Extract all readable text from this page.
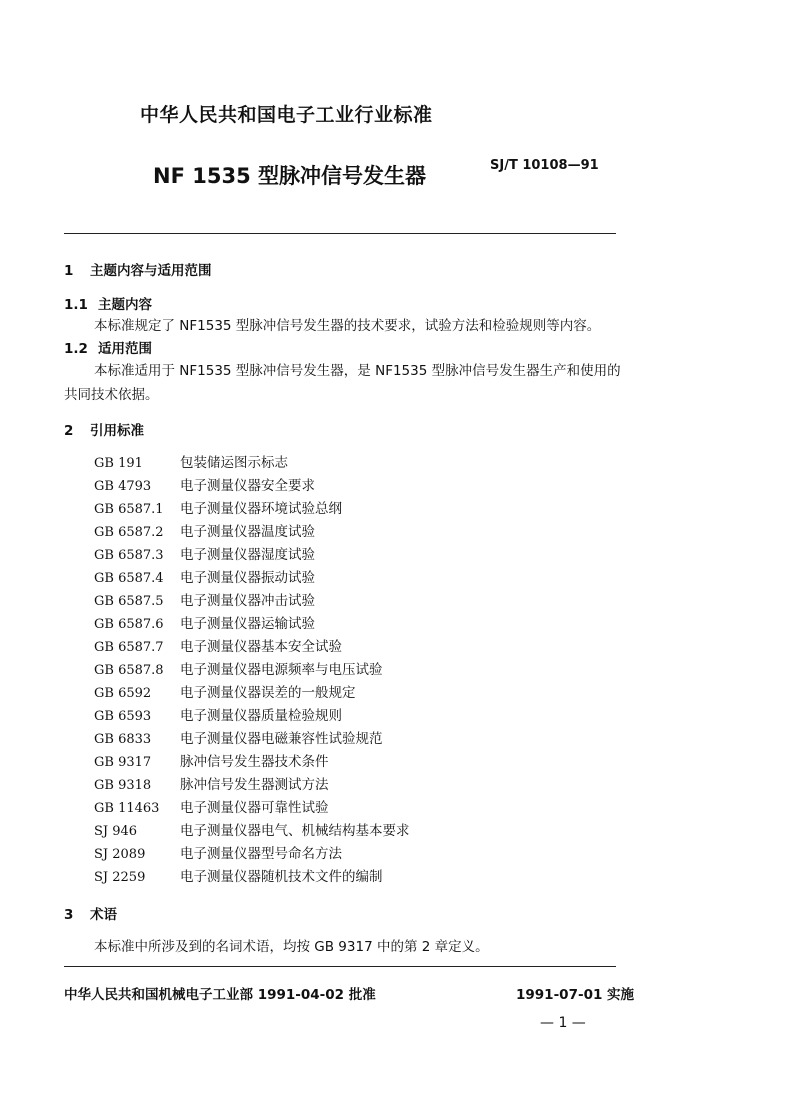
中华人民共和国电子工业行业标准
NF 1535 型脉冲信号发生器	SJ/T 10108—91
1 主题内容与适用范围
1.1 主题内容
本标准规定了 NF1535 型脉冲信号发生器的技术要求，试验方法和检验规则等内容。
1.2 适用范围
本标准适用于 NF1535 型脉冲信号发生器，是 NF1535 型脉冲信号发生器生产和使用的
共同技术依据。
2 引用标准
GB 191	包装储运图示标志
GB 4793 电子测量仪器安全要求
GB 6587.1 电子测量仪器环境试验总纲
GB 6587.2 电子测量仪器温度试验
GB 6587.3 电子测量仪器湿度试验
GB 6587.4 电子测量仪器振动试验
GB 6587.5 电子测量仪器冲击试验
GB 6587.6 电子测量仪器运输试验
GB 6587.7 电子测量仪器基本安全试验
GB 6587.8 电子测量仪器电源频率与电压试验
GB 6592 电子测量仪器误差的一般规定
GB 6593 电子测量仪器质量检验规则
GB 6833 电子测量仪器电磁兼容性试验规范
GB 9317 脉冲信号发生器技术条件
GB 9318 脉冲信号发生器测试方法
GB 11463 电子测量仪器可靠性试验
SJ 946	电子测量仪器电气、机械结构基本要求
SJ 2089	电子测量仪器型号命名方法
SJ 2259	电子测量仪器随机技术文件的编制
3 术语
本标准中所涉及到的名词术语，均按 GB 9317 中的第 2 章定义。
中华人民共和国机械电子工业部 1991-04-02 批准	1991-07-01 实施
— 1 —
